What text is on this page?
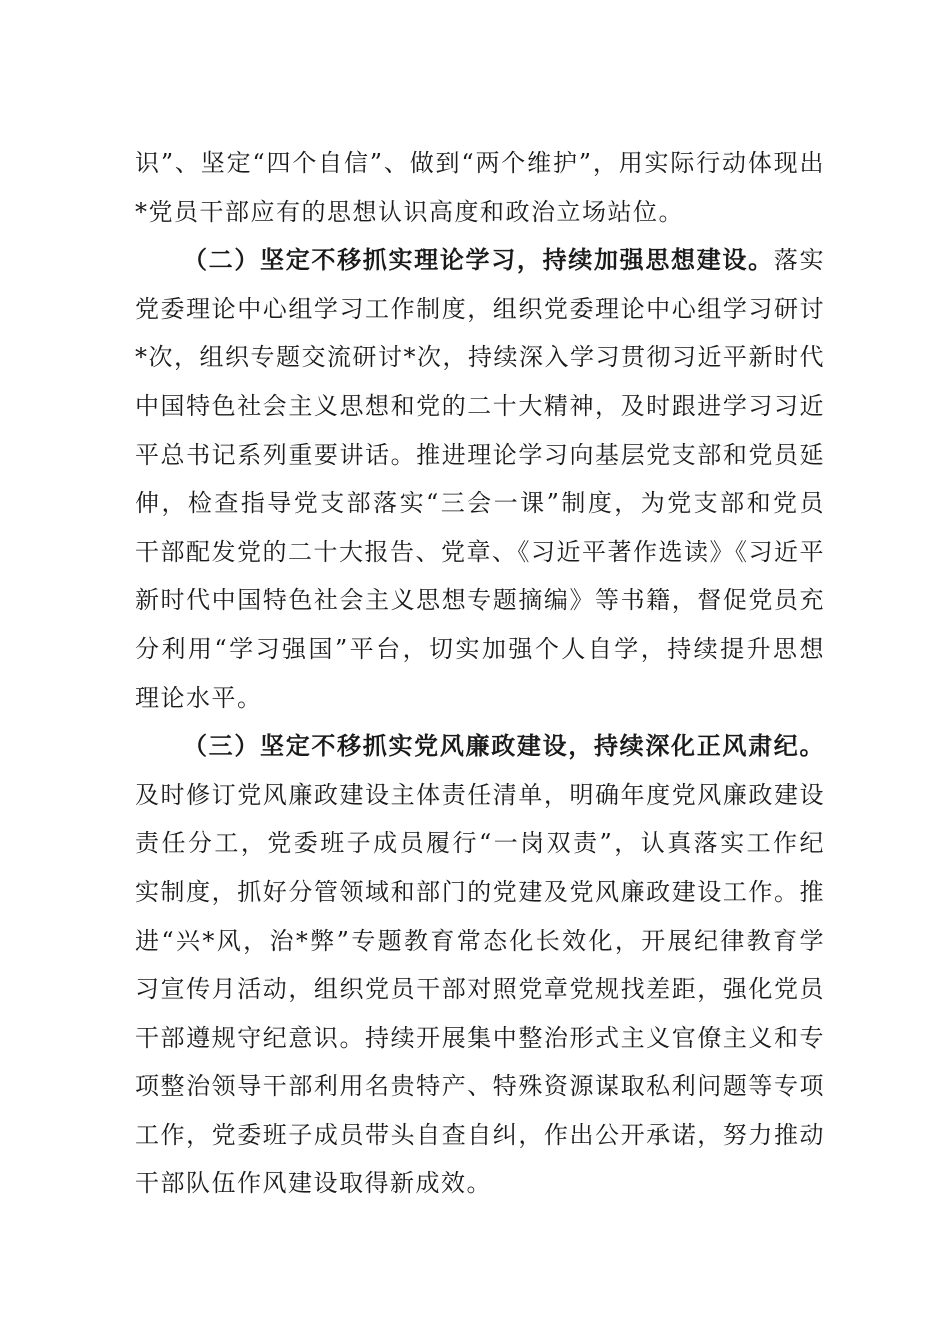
识”、坚定“四个自信”、做到“两个维护”，用实际行动体现出*党员干部应有的思想认识高度和政治立场站位。

（二）坚定不移抓实理论学习，持续加强思想建设。落实党委理论中心组学习工作制度，组织党委理论中心组学习研讨*次，组织专题交流研讨*次，持续深入学习贯彻习近平新时代中国特色社会主义思想和党的二十大精神，及时跟进学习习近平总书记系列重要讲话。推进理论学习向基层党支部和党员延伸，检查指导党支部落实“三会一课”制度，为党支部和党员干部配发党的二十大报告、党章、《习近平著作选读》《习近平新时代中国特色社会主义思想专题摘编》等书籍，督促党员充分利用“学习强国”平台，切实加强个人自学，持续提升思想理论水平。

（三）坚定不移抓实党风廉政建设，持续深化正风肃纪。及时修订党风廉政建设主体责任清单，明确年度党风廉政建设责任分工，党委班子成员履行“一岗双责”，认真落实工作纪实制度，抓好分管领域和部门的党建及党风廉政建设工作。推进“兴*风，治*弊”专题教育常态化长效化，开展纪律教育学习宣传月活动，组织党员干部对照党章党规找差距，强化党员干部遵规守纪意识。持续开展集中整治形式主义官僚主义和专项整治领导干部利用名贵特产、特殊资源谋取私利问题等专项工作，党委班子成员带头自查自纠，作出公开承诺，努力推动干部队伍作风建设取得新成效。
